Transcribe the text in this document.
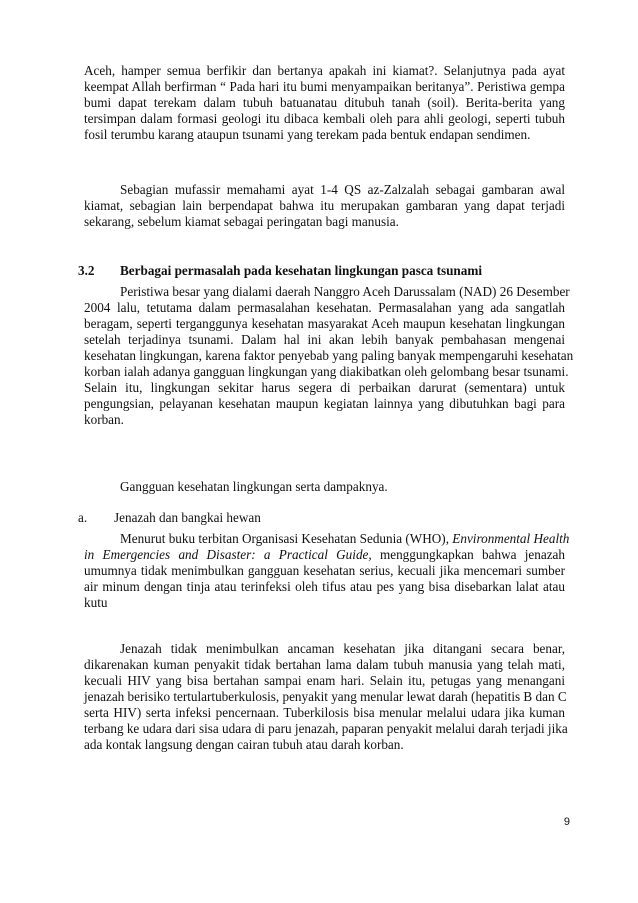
Aceh, hamper semua berfikir dan bertanya apakah ini kiamat?. Selanjutnya pada ayat
keempat Allah berfirman “ Pada hari itu bumi menyampaikan beritanya”. Peristiwa gempa
bumi dapat terekam dalam tubuh batuanatau ditubuh tanah (soil). Berita-berita yang
tersimpan dalam formasi geologi itu dibaca kembali oleh para ahli geologi, seperti tubuh
fosil terumbu karang ataupun tsunami yang terekam pada bentuk endapan sendimen.
Sebagian mufassir memahami ayat 1-4 QS az-Zalzalah sebagai gambaran awal
kiamat, sebagian lain berpendapat bahwa itu merupakan gambaran yang dapat terjadi
sekarang, sebelum kiamat sebagai peringatan bagi manusia.
3.2 Berbagai permasalah pada kesehatan lingkungan pasca tsunami

Peristiwa besar yang dialami daerah Nanggro Aceh Darussalam (NAD) 26 Desember
2004 lalu, tetutama dalam permasalahan kesehatan. Permasalahan yang ada sangatlah
beragam, seperti terganggunya kesehatan masyarakat Aceh maupun kesehatan lingkungan
setelah terjadinya tsunami. Dalam hal ini akan lebih banyak pembahasan mengenai
kesehatan lingkungan, karena faktor penyebab yang paling banyak mempengaruhi kesehatan
korban ialah adanya gangguan lingkungan yang diakibatkan oleh gelombang besar tsunami.
Selain itu, lingkungan sekitar harus segera di perbaikan darurat (sementara) untuk
pengungsian, pelayanan kesehatan maupun kegiatan lainnya yang dibutuhkan bagi para
korban.
Gangguan kesehatan lingkungan serta dampaknya.
a. Jenazah dan bangkai hewan

Menurut buku terbitan Organisasi Kesehatan Sedunia (WHO), Environmental Health
in Emergencies and Disaster: a Practical Guide, menggungkapkan bahwa jenazah
umumnya tidak menimbulkan gangguan kesehatan serius, kecuali jika mencemari sumber
air minum dengan tinja atau terinfeksi oleh tifus atau pes yang bisa disebarkan lalat atau
kutu
Jenazah tidak menimbulkan ancaman kesehatan jika ditangani secara benar,
dikarenakan kuman penyakit tidak bertahan lama dalam tubuh manusia yang telah mati,
kecuali HIV yang bisa bertahan sampai enam hari. Selain itu, petugas yang menangani
jenazah berisiko tertulartuberkulosis, penyakit yang menular lewat darah (hepatitis B dan C
serta HIV) serta infeksi pencernaan. Tuberkilosis bisa menular melalui udara jika kuman
terbang ke udara dari sisa udara di paru jenazah, paparan penyakit melalui darah terjadi jika
ada kontak langsung dengan cairan tubuh atau darah korban.
9
